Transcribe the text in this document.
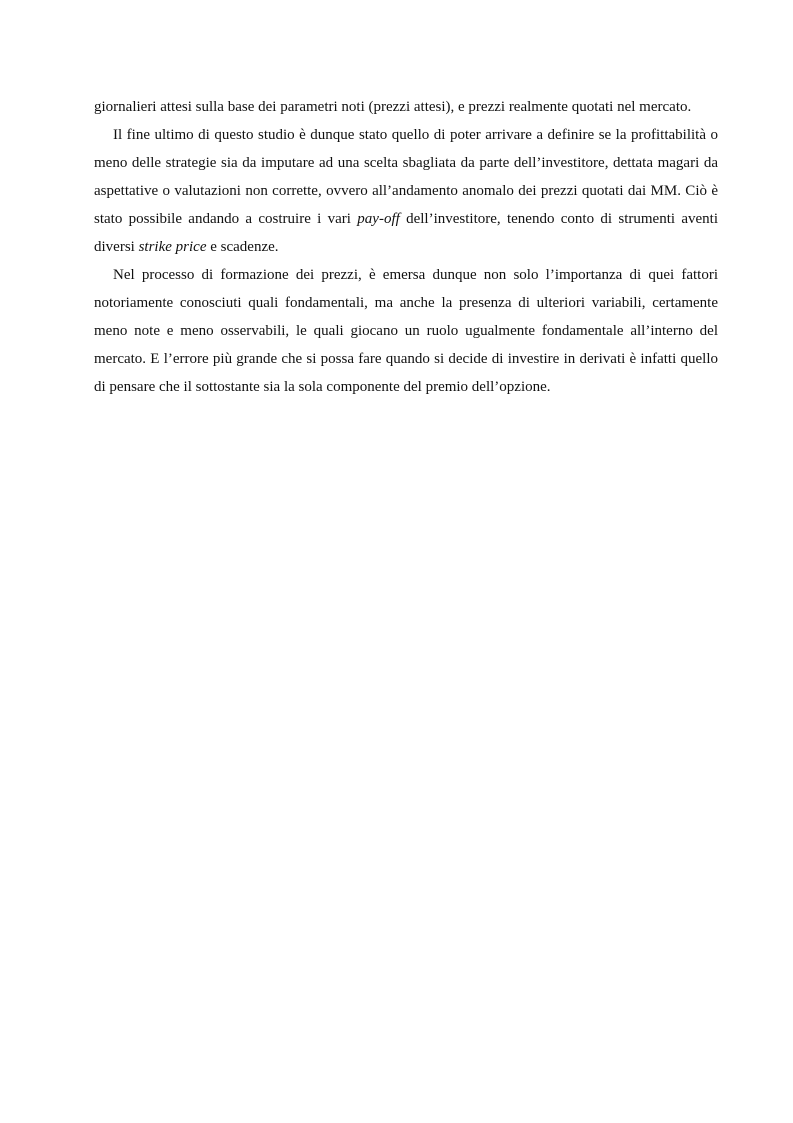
giornalieri attesi sulla base dei parametri noti (prezzi attesi), e prezzi realmente quotati nel mercato.

Il fine ultimo di questo studio è dunque stato quello di poter arrivare a definire se la profittabilità o meno delle strategie sia da imputare ad una scelta sbagliata da parte dell’investitore, dettata magari da aspettative o valutazioni non corrette, ovvero all’andamento anomalo dei prezzi quotati dai MM. Ciò è stato possibile andando a costruire i vari pay-off dell’investitore, tenendo conto di strumenti aventi diversi strike price e scadenze.

Nel processo di formazione dei prezzi, è emersa dunque non solo l’importanza di quei fattori notoriamente conosciuti quali fondamentali, ma anche la presenza di ulteriori variabili, certamente meno note e meno osservabili, le quali giocano un ruolo ugualmente fondamentale all’interno del mercato. E l’errore più grande che si possa fare quando si decide di investire in derivati è infatti quello di pensare che il sottostante sia la sola componente del premio dell’opzione.
